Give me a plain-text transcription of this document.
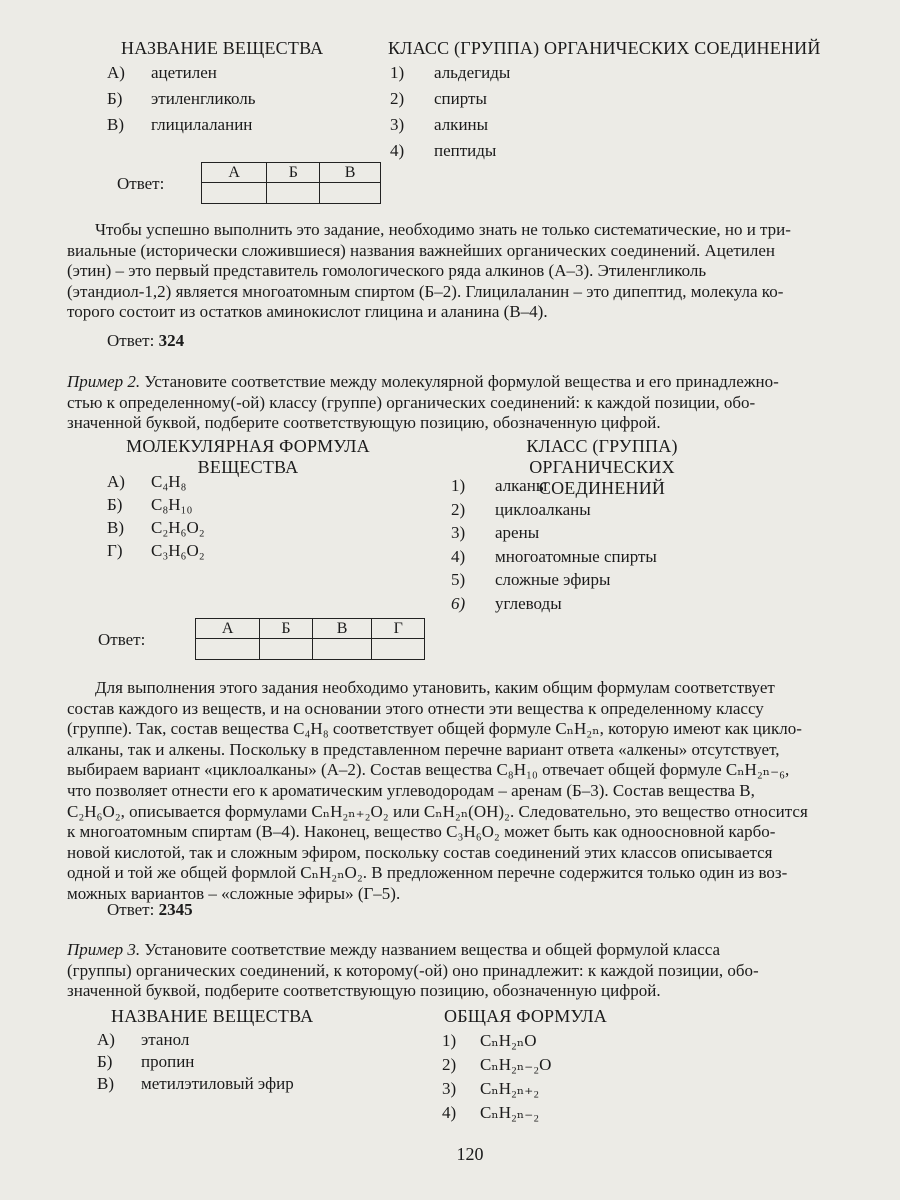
НАЗВАНИЕ ВЕЩЕСТВА	КЛАСС (ГРУППА) ОРГАНИЧЕСКИХ СОЕДИНЕНИЙ
А) ацетилен
Б) этиленгликоль
В) глицилаланин
1) альдегиды
2) спирты
3) алкины
4) пептиды
Ответ:
А	Б	В

Чтобы успешно выполнить это задание, необходимо знать не только систематические, но и три-
виальные (исторически сложившиеся) названия важнейших органических соединений. Ацетилен
(этин) – это первый представитель гомологического ряда алкинов (А–3). Этиленгликоль
(этандиол-1,2) является многоатомным спиртом (Б–2). Глицилаланин – это дипептид, молекула ко-
торого состоит из остатков аминокислот глицина и аланина (В–4).
Ответ: 324
Пример 2. Установите соответствие между молекулярной формулой вещества и его принадлежно-
стью к определенному(-ой) классу (группе) органических соединений: к каждой позиции, обо-
значенной буквой, подберите соответствующую позицию, обозначенную цифрой.
МОЛЕКУЛЯРНАЯ ФОРМУЛА
ВЕЩЕСТВА
КЛАСС (ГРУППА) ОРГАНИЧЕСКИХ
СОЕДИНЕНИЙ
А) C₄H₈
Б) C₈H₁₀
В) C₂H₆O₂
Г) C₃H₆O₂
1) алканы
2) циклоалканы
3) арены
4) многоатомные спирты
5) сложные эфиры
6) углеводы
Ответ:
А	Б	В	Г

Для выполнения этого задания необходимо утановить, каким общим формулам соответствует
состав каждого из веществ, и на основании этого отнести эти вещества к определенному классу
(группе). Так, состав вещества C₄H₈ соответствует общей формуле CₙH₂ₙ, которую имеют как цикло-
алканы, так и алкены. Поскольку в представленном перечне вариант ответа «алкены» отсутствует,
выбираем вариант «циклоалканы» (А–2). Состав вещества C₈H₁₀ отвечает общей формуле CₙH₂ₙ₋₆,
что позволяет отнести его к ароматическим углеводородам – аренам (Б–3). Состав вещества В,
C₂H₆O₂, описывается формулами CₙH₂ₙ₊₂O₂ или CₙH₂ₙ(OH)₂. Следовательно, это вещество относится
к многоатомным спиртам (В–4). Наконец, вещество C₃H₆O₂ может быть как одноосновной карбо-
новой кислотой, так и сложным эфиром, поскольку состав соединений этих классов описывается
одной и той же общей формлой CₙH₂ₙO₂. В предложенном перечне содержится только один из воз-
можных вариантов – «сложные эфиры» (Г–5).
Ответ: 2345
Пример 3. Установите соответствие между названием вещества и общей формулой класса
(группы) органических соединений, к которому(-ой) оно принадлежит: к каждой позиции, обо-
значенной буквой, подберите соответствующую позицию, обозначенную цифрой.
НАЗВАНИЕ ВЕЩЕСТВА	ОБЩАЯ ФОРМУЛА
А) этанол
Б) пропин
В) метилэтиловый эфир
1) CₙH₂ₙO
2) CₙH₂ₙ₋₂O
3) CₙH₂ₙ₊₂
4) CₙH₂ₙ₋₂
120
